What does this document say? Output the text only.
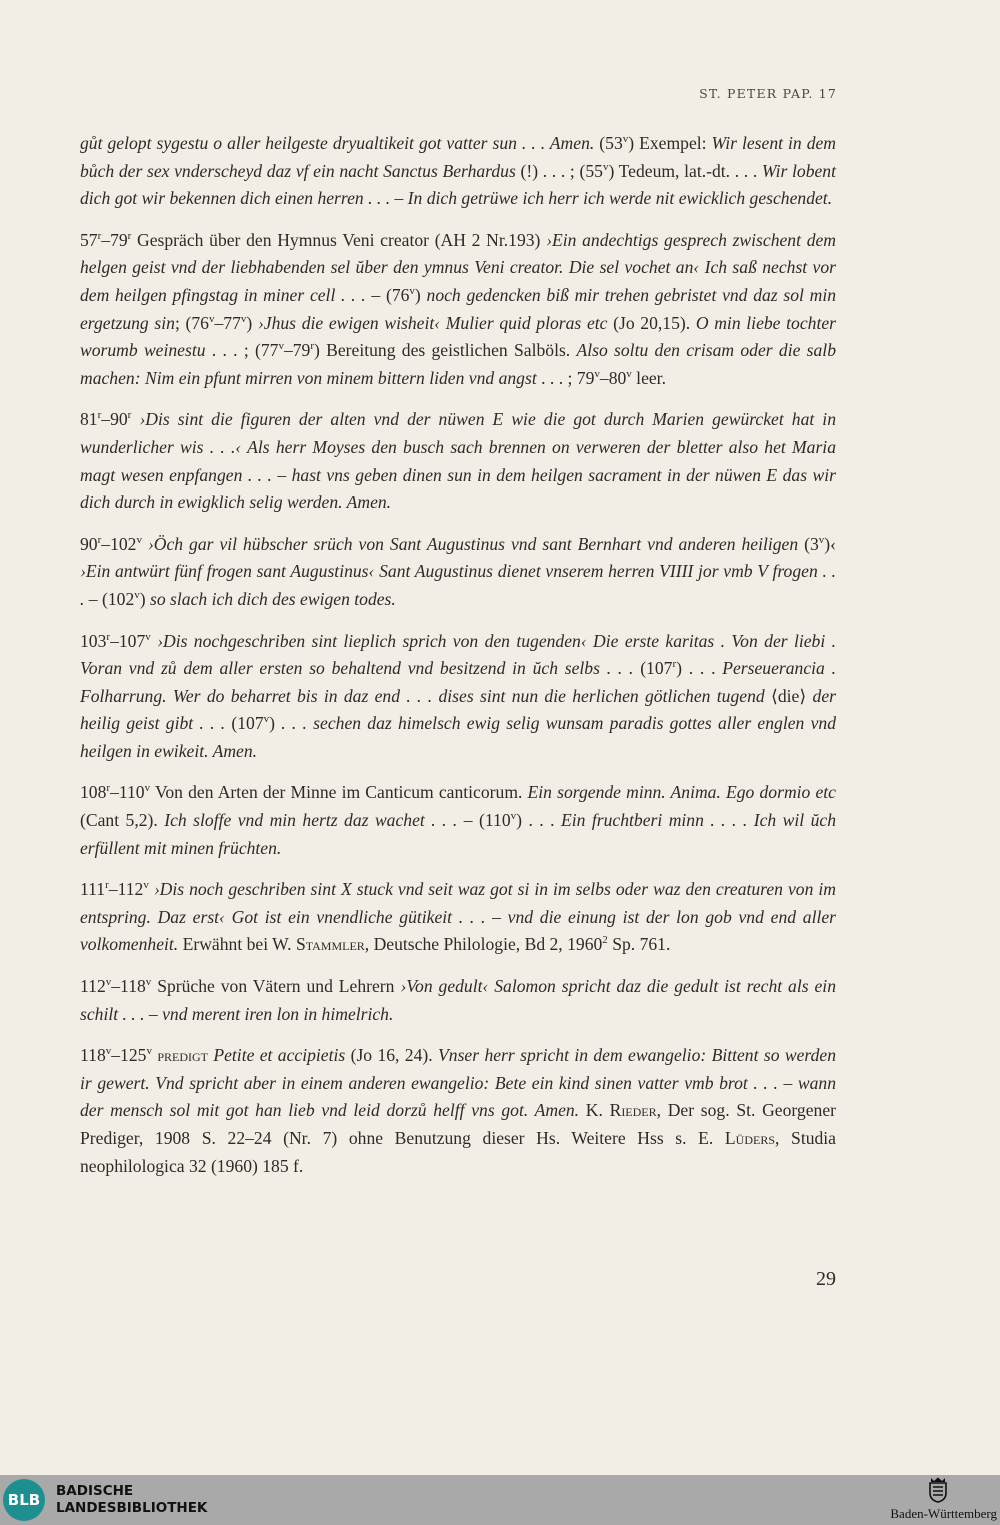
ST. PETER PAP. 17

gůt gelopt sygestu o aller heilgeste dryualtikeit got vatter sun . . . Amen. (53$^v$) Exempel: Wir lesent in dem bůch der sex vnderscheyd daz vf ein nacht Sanctus Berhardus (!) . . . ; (55$^v$) Tedeum, lat.-dt. . . . Wir lobent dich got wir bekennen dich einen herren . . . – In dich getrüwe ich herr ich werde nit ewicklich geschendet.

57$^r$–79$^r$ Gespräch über den Hymnus Veni creator (AH 2 Nr.193) ›Ein andechtigs gesprech zwischent dem helgen geist vnd der liebhabenden sel ŭber den ymnus Veni creator. Die sel vochet an‹ Ich saß nechst vor dem heilgen pfingstag in miner cell . . . – (76$^v$) noch gedencken biß mir trehen gebristet vnd daz sol min ergetzung sin; (76$^v$–77$^v$) ›Jhus die ewigen wisheit‹ Mulier quid ploras etc (Jo 20,15). O min liebe tochter worumb weinestu . . . ; (77$^v$–79$^r$) Bereitung des geistlichen Salböls. Also soltu den crisam oder die salb machen: Nim ein pfunt mirren von minem bittern liden vnd angst . . . ; 79$^v$–80$^v$ leer.

81$^r$–90$^r$ ›Dis sint die figuren der alten vnd der nüwen E wie die got durch Marien gewürcket hat in wunderlicher wis . . .‹ Als herr Moyses den busch sach brennen on verweren der bletter also het Maria magt wesen enpfangen . . . – hast vns geben dinen sun in dem heilgen sacrament in der nüwen E das wir dich durch in ewigklich selig werden. Amen.

90$^r$–102$^v$ ›Öch gar vil hübscher srüch von Sant Augustinus vnd sant Bernhart vnd anderen heiligen (3$^v$)‹ ›Ein antwürt fünf frogen sant Augustinus‹ Sant Augustinus dienet vnserem herren VIIII jor vmb V frogen . . . – (102$^v$) so slach ich dich des ewigen todes.

103$^r$–107$^v$ ›Dis nochgeschriben sint lieplich sprich von den tugenden‹ Die erste karitas . Von der liebi . Voran vnd zů dem aller ersten so behaltend vnd besitzend in ŭch selbs . . . (107$^r$) . . . Perseuerancia . Folharrung. Wer do beharret bis in daz end . . . dises sint nun die herlichen götlichen tugend ⟨die⟩ der heilig geist gibt . . . (107$^v$) . . . sechen daz himelsch ewig selig wunsam paradis gottes aller englen vnd heilgen in ewikeit. Amen.

108$^r$–110$^v$ Von den Arten der Minne im Canticum canticorum. Ein sorgende minn. Anima. Ego dormio etc (Cant 5,2). Ich sloffe vnd min hertz daz wachet . . . – (110$^v$) . . . Ein fruchtberi minn . . . . Ich wil ŭch erfüllent mit minen früchten.

111$^r$–112$^v$ ›Dis noch geschriben sint X stuck vnd seit waz got si in im selbs oder waz den creaturen von im entspring. Daz erst‹ Got ist ein vnendliche gütikeit . . . – vnd die einung ist der lon gob vnd end aller volkomenheit. Erwähnt bei W. Stammler, Deutsche Philologie, Bd 2, 1960$^2$ Sp. 761.

112$^v$–118$^v$ Sprüche von Vätern und Lehrern ›Von gedult‹ Salomon spricht daz die gedult ist recht als ein schilt . . . – vnd merent iren lon in himelrich.

118$^v$–125$^v$ predigt Petite et accipietis (Jo 16, 24). Vnser herr spricht in dem ewangelio: Bittent so werden ir gewert. Vnd spricht aber in einem anderen ewangelio: Bete ein kind sinen vatter vmb brot . . . – wann der mensch sol mit got han lieb vnd leid dorzů helff vns got. Amen. K. Rieder, Der sog. St. Georgener Prediger, 1908 S. 22–24 (Nr. 7) ohne Benutzung dieser Hs. Weitere Hss s. E. Lüders, Studia neophilologica 32 (1960) 185 f.

29
BLB	BADISCHE
LANDESBIBLIOTHEK	Baden-Württemberg
